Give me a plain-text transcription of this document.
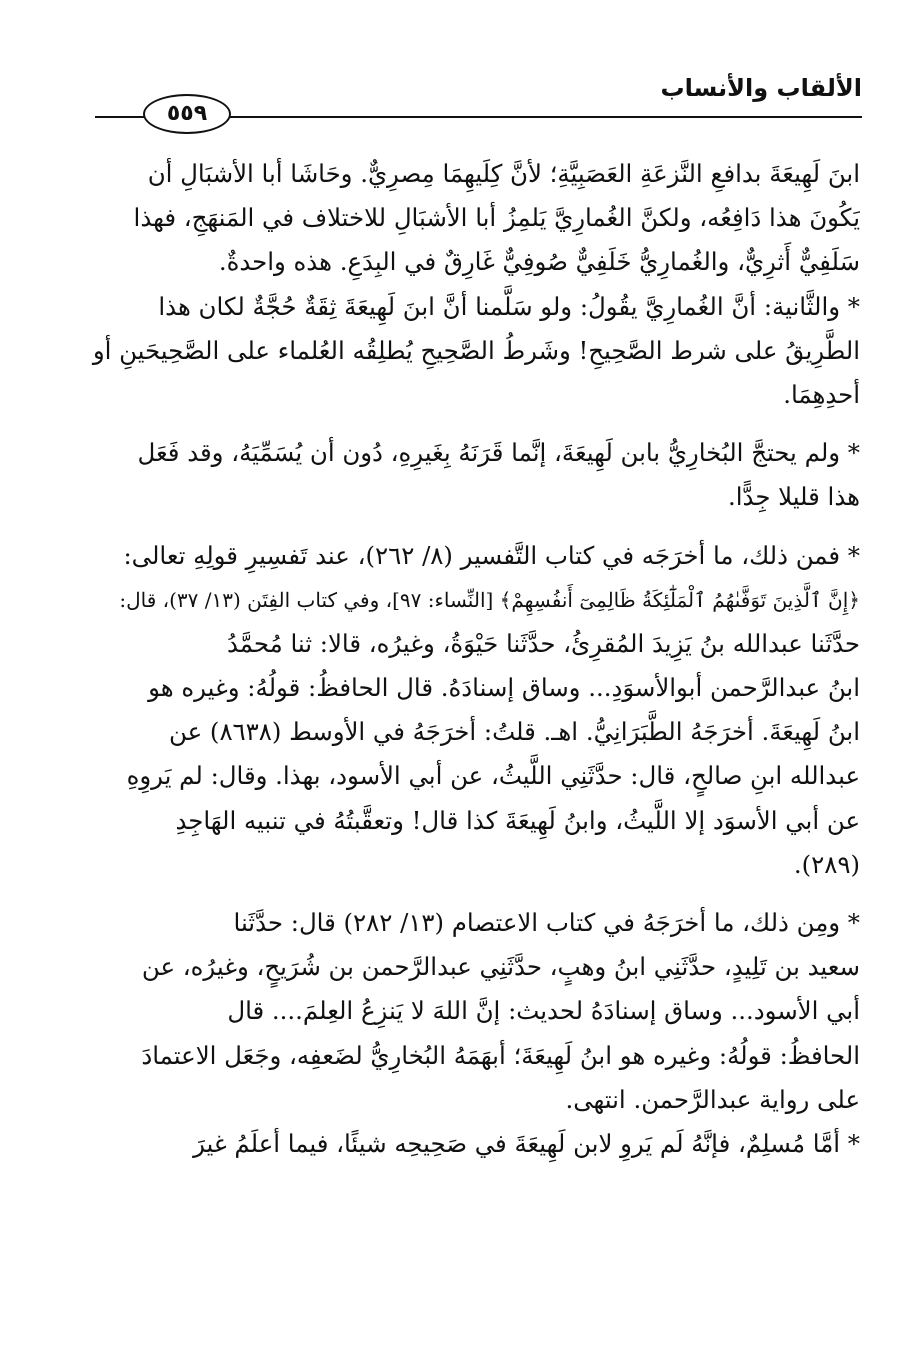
الألقاب والأنساب
٥٥٩
ابنَ لَهِيعَةَ بدافعِ النَّزعَةِ العَصَبِيَّةِ؛ لأنَّ كِلَيهِمَا مِصرِيٌّ. وحَاشَا أبا الأشبَالِ أن
يَكُونَ هذا دَافِعُه، ولكنَّ الغُمارِيَّ يَلمِزُ أبا الأشبَالِ للاختلاف في المَنهَجِ، فهذا
سَلَفِيٌّ أَثرِيٌّ، والغُمارِيُّ خَلَفِيٌّ صُوفِيٌّ غَارِقٌ في البِدَعِ. هذه واحدةٌ.
* والثَّانية: أنَّ الغُمارِيَّ يقُولُ: ولو سَلَّمنا أنَّ ابنَ لَهِيعَةَ ثِقَةٌ حُجَّةٌ لكان هذا
الطَّرِيقُ على شرط الصَّحِيحِ! وشَرطُ الصَّحِيحِ يُطلِقُه العُلماء على الصَّحِيحَينِ أو
أحدِهِمَا.
* ولم يحتجَّ البُخارِيُّ بابن لَهِيعَةَ، إنَّما قَرَنَهُ بِغَيرِهِ، دُون أن يُسَمِّيَهُ، وقد فَعَل
هذا قليلا جِدًّا.
* فمن ذلك، ما أخرَجَه في كتاب التَّفسير (٨/ ٢٦٢)، عند تَفسِيرِ قولِهِ تعالى:
﴿إِنَّ ٱلَّذِينَ تَوَفَّىٰهُمُ ٱلْمَلَٰٓئِكَةُ ظَالِمِىٓ أَنفُسِهِمْ﴾ [النِّساء: ٩٧]، وفي كتاب الفِتَن (١٣/ ٣٧)، قال:
حدَّثَنا عبدالله بنُ يَزِيدَ المُقرِئُ، حدَّثَنا حَيْوَةُ، وغيرُه، قالا: ثنا مُحمَّدُ
ابنُ عبدالرَّحمن أبوالأسوَدِ... وساق إسنادَهُ. قال الحافظُ: قولُهُ: وغيره هو
ابنُ لَهِيعَةَ. أخرَجَهُ الطَّبَرَانِيُّ. اهـ. قلتُ: أخرَجَهُ في الأوسط (٨٦٣٨) عن
عبدالله ابنِ صالحٍ، قال: حدَّثَنِي اللَّيثُ، عن أبي الأسود، بهذا. وقال: لم يَروِهِ
عن أبي الأسوَد إلا اللَّيثُ، وابنُ لَهِيعَةَ كذا قال! وتعقَّبتُهُ في تنبيه الهَاجِدِ
(٢٨٩).
* ومِن ذلك، ما أخرَجَهُ في كتاب الاعتصام (١٣/ ٢٨٢) قال: حدَّثَنا
سعيد بن تَلِيدٍ، حدَّثَنِي ابنُ وهبٍ، حدَّثَنِي عبدالرَّحمن بن شُرَيحٍ، وغيرُه، عن
أبي الأسود... وساق إسنادَهُ لحديث: إنَّ اللهَ لا يَنزِعُ العِلمَ.... قال
الحافظُ: قولُهُ: وغيره هو ابنُ لَهِيعَةَ؛ أبهَمَهُ البُخارِيُّ لضَعفِه، وجَعَل الاعتمادَ
على رواية عبدالرَّحمن. انتهى.
* أمَّا مُسلِمٌ، فإنَّهُ لَم يَروِ لابن لَهِيعَةَ في صَحِيحِه شيئًا، فيما أعلَمُ غيرَ
